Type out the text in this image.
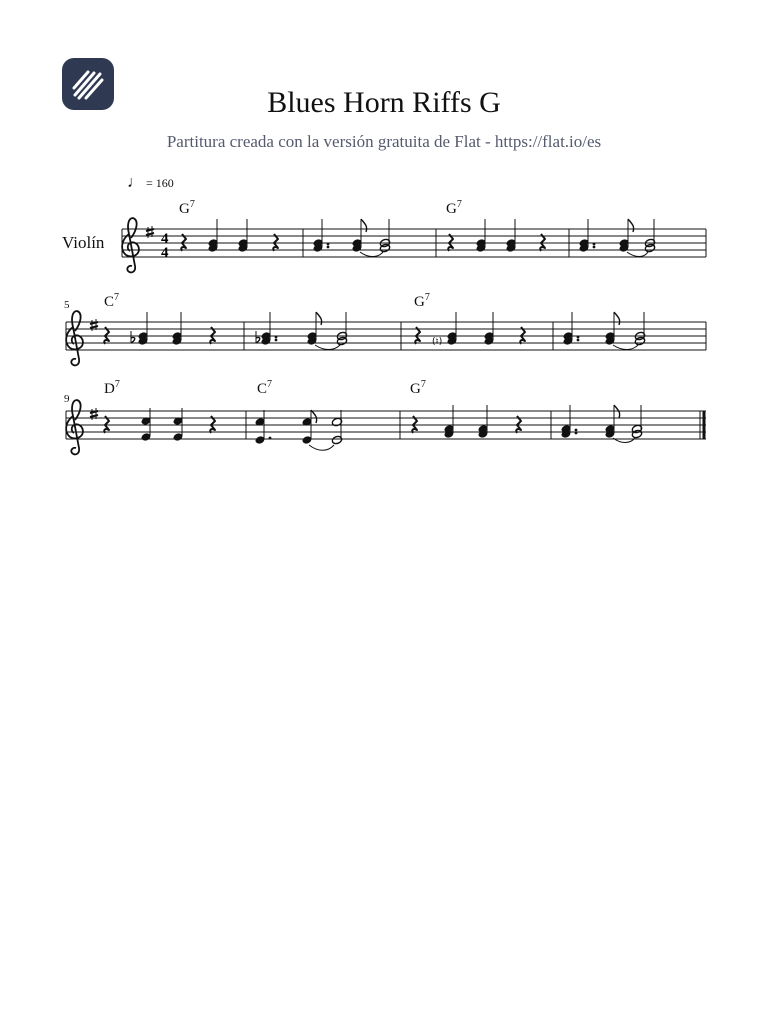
Blues Horn Riffs G
Partitura creada con la versión gratuita de Flat - https://flat.io/es
♩ = 160
Violín
$G^7$	$G^7$
5 $C^7$	$G^7$
9
$D^7$	$C^7$	$G^7$
4
4
(♮)
